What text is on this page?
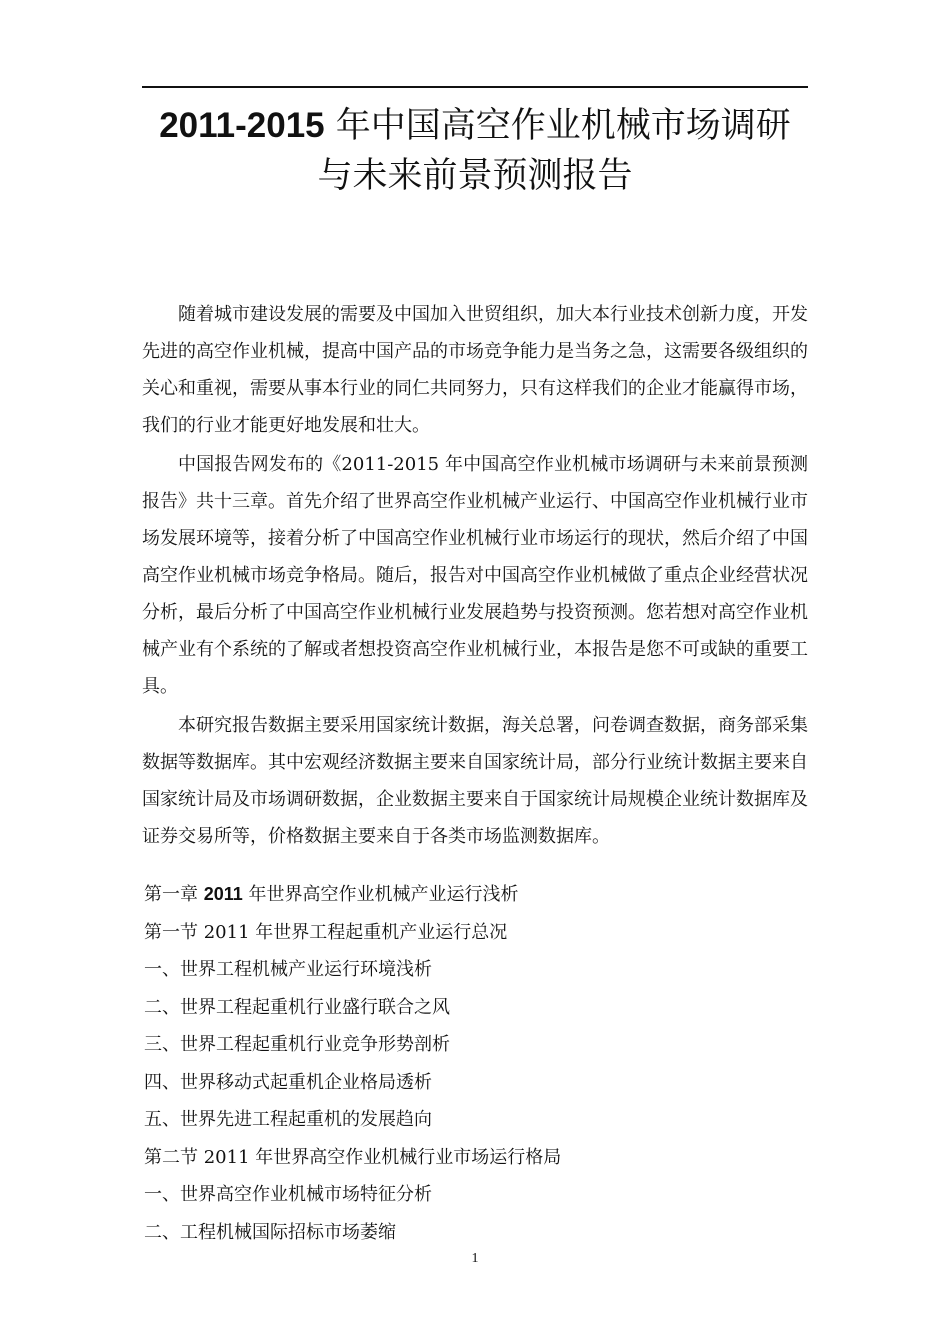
2011-2015 年中国高空作业机械市场调研
与未来前景预测报告

随着城市建设发展的需要及中国加入世贸组织，加大本行业技术创新力度，开发先进的高空作业机械，提高中国产品的市场竞争能力是当务之急，这需要各级组织的关心和重视，需要从事本行业的同仁共同努力，只有这样我们的企业才能赢得市场，我们的行业才能更好地发展和壮大。

中国报告网发布的《2011-2015 年中国高空作业机械市场调研与未来前景预测报告》共十三章。首先介绍了世界高空作业机械产业运行、中国高空作业机械行业市场发展环境等，接着分析了中国高空作业机械行业市场运行的现状，然后介绍了中国高空作业机械市场竞争格局。随后，报告对中国高空作业机械做了重点企业经营状况分析，最后分析了中国高空作业机械行业发展趋势与投资预测。您若想对高空作业机械产业有个系统的了解或者想投资高空作业机械行业，本报告是您不可或缺的重要工具。

本研究报告数据主要采用国家统计数据，海关总署，问卷调查数据，商务部采集数据等数据库。其中宏观经济数据主要来自国家统计局，部分行业统计数据主要来自国家统计局及市场调研数据，企业数据主要来自于国家统计局规模企业统计数据库及证券交易所等，价格数据主要来自于各类市场监测数据库。

第一章 2011 年世界高空作业机械产业运行浅析
第一节 2011 年世界工程起重机产业运行总况
一、世界工程机械产业运行环境浅析
二、世界工程起重机行业盛行联合之风
三、世界工程起重机行业竞争形势剖析
四、世界移动式起重机企业格局透析
五、世界先进工程起重机的发展趋向
第二节 2011 年世界高空作业机械行业市场运行格局
一、世界高空作业机械市场特征分析
二、工程机械国际招标市场萎缩
1
